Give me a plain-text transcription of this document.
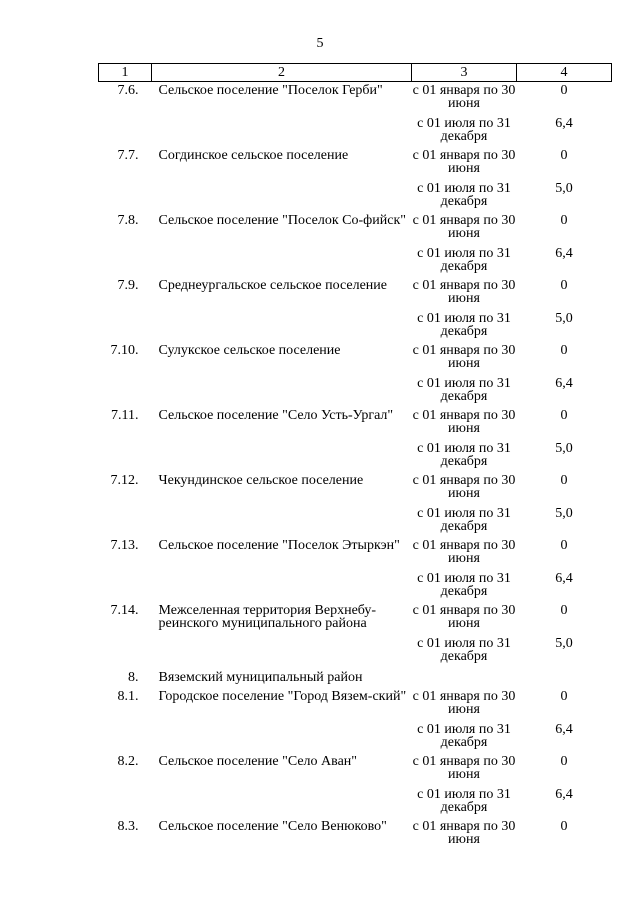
5
1	2	3	4
7.6.	Сельское поселение "Поселок Герби"	с 01 января по 30 июня	0
		с 01 июля по 31 декабря	6,4
7.7.	Согдинское сельское поселение	с 01 января по 30 июня	0
		с 01 июля по 31 декабря	5,0
7.8.	Сельское поселение "Поселок Со-фийск"	с 01 января по 30 июня	0
		с 01 июля по 31 декабря	6,4
7.9.	Среднеургальское сельское поселение	с 01 января по 30 июня	0
		с 01 июля по 31 декабря	5,0
7.10.	Сулукское сельское поселение	с 01 января по 30 июня	0
		с 01 июля по 31 декабря	6,4
7.11.	Сельское поселение "Село Усть-Ургал"	с 01 января по 30 июня	0
		с 01 июля по 31 декабря	5,0
7.12.	Чекундинское сельское поселение	с 01 января по 30 июня	0
		с 01 июля по 31 декабря	5,0
7.13.	Сельское поселение "Поселок Этыркэн"	с 01 января по 30 июня	0
		с 01 июля по 31 декабря	6,4
7.14.	Межселенная территория Верхнебу-реинского муниципального района	с 01 января по 30 июня	0
		с 01 июля по 31 декабря	5,0
8.	Вяземский муниципальный район		
8.1.	Городское поселение "Город Вязем-ский"	с 01 января по 30 июня	0
		с 01 июля по 31 декабря	6,4
8.2.	Сельское поселение "Село Аван"	с 01 января по 30 июня	0
		с 01 июля по 31 декабря	6,4
8.3.	Сельское поселение "Село Венюково"	с 01 января по 30 июня	0
